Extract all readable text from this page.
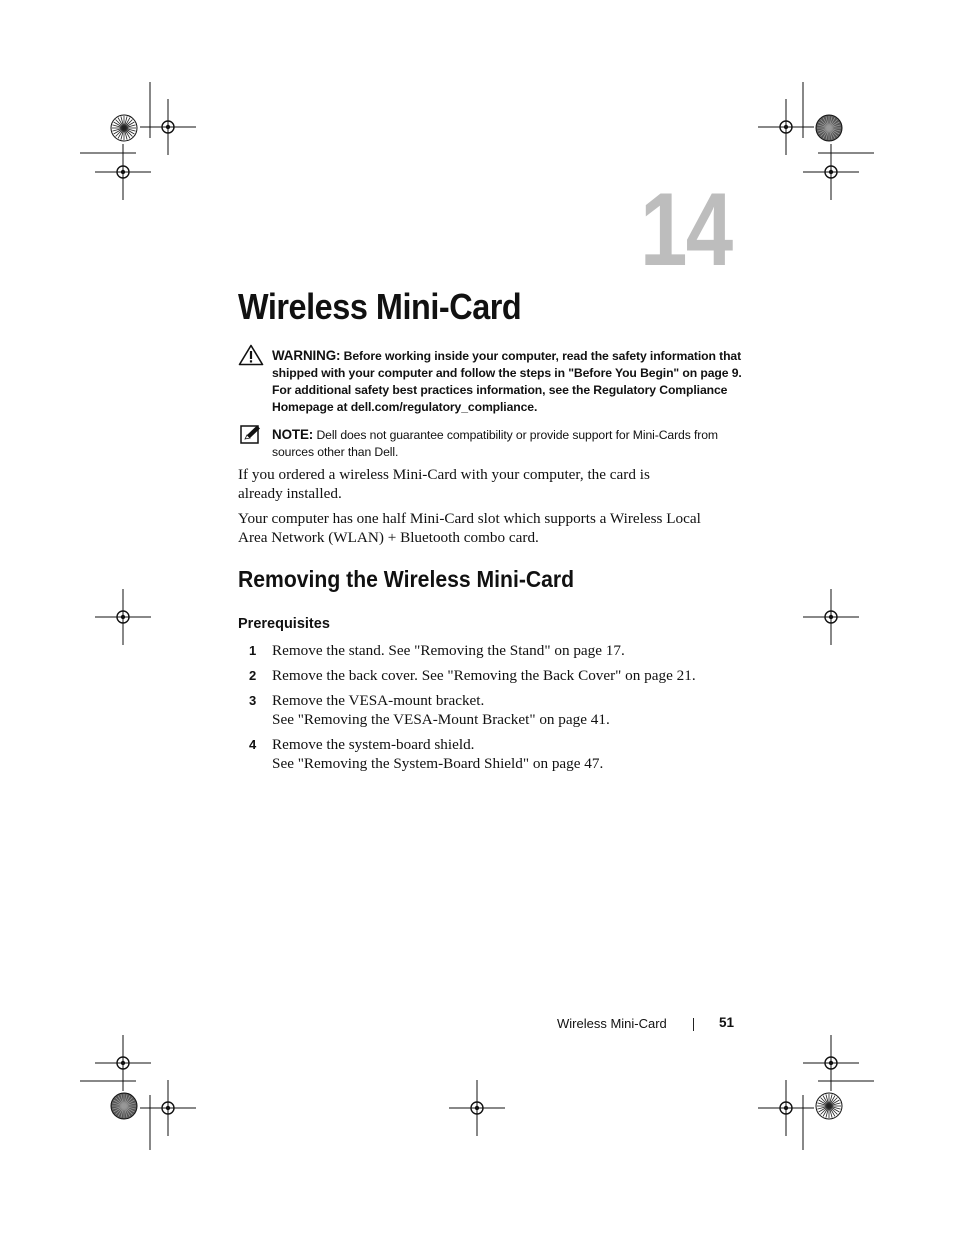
14
Wireless Mini-Card
WARNING: Before working inside your computer, read the safety information that shipped with your computer and follow the steps in "Before You Begin" on page 9. For additional safety best practices information, see the Regulatory Compliance Homepage at dell.com/regulatory_compliance.
NOTE: Dell does not guarantee compatibility or provide support for Mini-Cards from sources other than Dell.
If you ordered a wireless Mini-Card with your computer, the card is already installed.
Your computer has one half Mini-Card slot which supports a Wireless Local Area Network (WLAN) + Bluetooth combo card.
Removing the Wireless Mini-Card
Prerequisites
1 Remove the stand. See "Removing the Stand" on page 17.
2 Remove the back cover. See "Removing the Back Cover" on page 21.
3 Remove the VESA-mount bracket.
See "Removing the VESA-Mount Bracket" on page 41.
4 Remove the system-board shield.
See "Removing the System-Board Shield" on page 47.
Wireless Mini-Card	51
